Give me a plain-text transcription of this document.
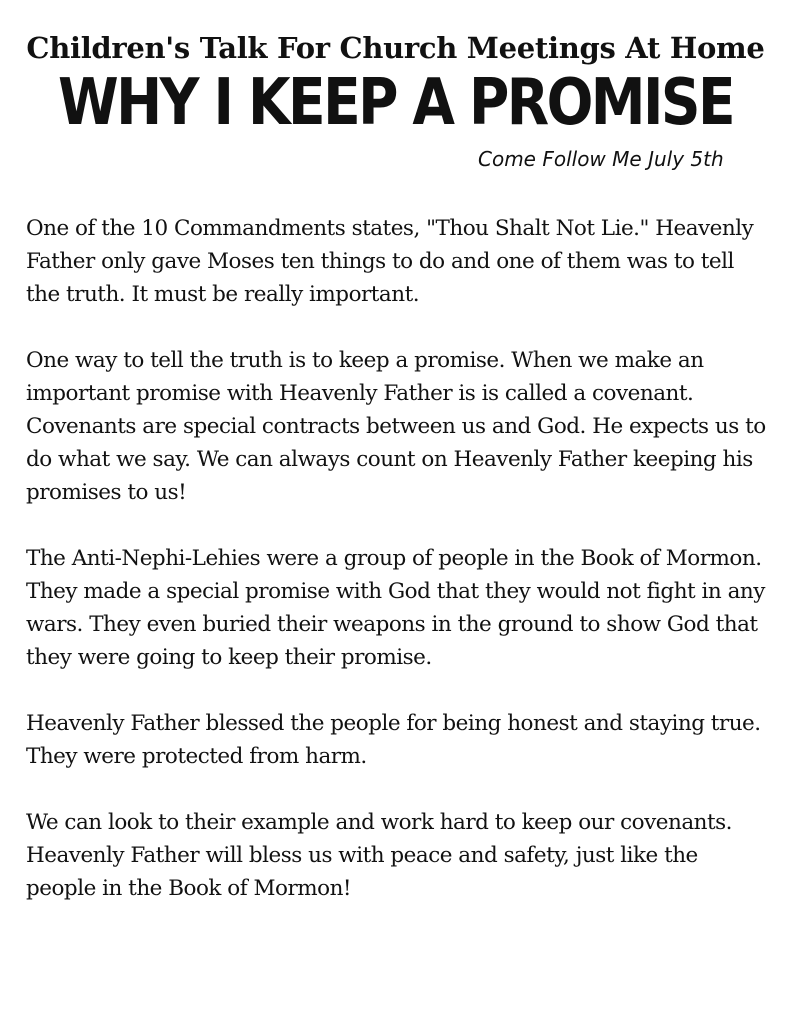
Children's Talk For Church Meetings At Home
WHY I KEEP A PROMISE
Come Follow Me July 5th

One of the 10 Commandments states, "Thou Shalt Not Lie." Heavenly Father only gave Moses ten things to do and one of them was to tell the truth. It must be really important.

One way to tell the truth is to keep a promise. When we make an important promise with Heavenly Father is is called a covenant. Covenants are special contracts between us and God. He expects us to do what we say. We can always count on Heavenly Father keeping his promises to us!

The Anti-Nephi-Lehies were a group of people in the Book of Mormon. They made a special promise with God that they would not fight in any wars. They even buried their weapons in the ground to show God that they were going to keep their promise.

Heavenly Father blessed the people for being honest and staying true. They were protected from harm.

We can look to their example and work hard to keep our covenants. Heavenly Father will bless us with peace and safety, just like the people in the Book of Mormon!
